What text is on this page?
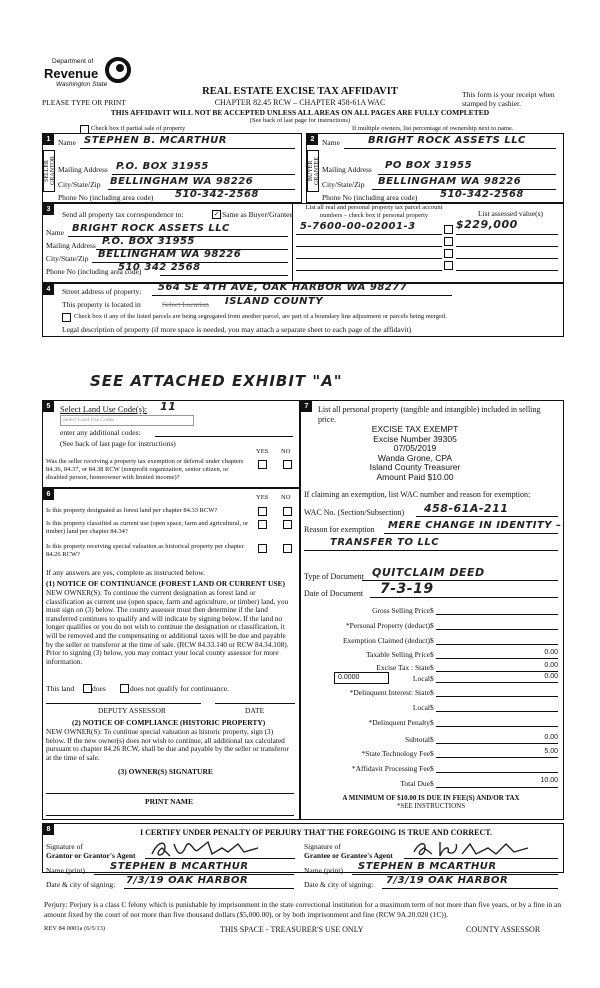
Department of
Revenue
Washington State
REAL ESTATE EXCISE TAX AFFIDAVIT
CHAPTER 82.45 RCW – CHAPTER 458-61A WAC
PLEASE TYPE OR PRINT
This form is your receipt when stamped by cashier.
THIS AFFIDAVIT WILL NOT BE ACCEPTED UNLESS ALL AREAS ON ALL PAGES ARE FULLY COMPLETED
(See back of last page for instructions)
Check box if partial sale of property	If multiple owners, list percentage of ownership next to name.
1	2
SELLER GRANTOR	BUYER GRANTEE
Name STEPHEN B. MCARTHUR
Mailing Address P.O. BOX 31955
City/State/Zip BELLINGHAM WA 98226
Phone No (including area code) 510-342-2568
Name	BRIGHT ROCK ASSETS LLC
Mailing Address PO BOX 31955
City/State/Zip BELLINGHAM WA 98226
Phone No (including area code) 510-342-2568
3
Send all property tax correspondence to:	✓ Same as Buyer/Grantee
Name BRIGHT ROCK ASSETS LLC
Mailing Address P.O. BOX 31955
City/State/Zip BELLINGHAM WA 98226
Phone No (including area code)
510 342 2568
List all real and personal property tax parcel account numbers – check box if personal property	List assessed value(s)
5-7600-00-02001-3	$229,000
4	Street address of property: 564 SE 4TH AVE, OAK HARBOR WA 98277
This property is located in	Select Location ISLAND COUNTY
Check box if any of the listed parcels are being segregated from another parcel, are part of a boundary line adjustment or parcels being merged.
Legal description of property (if more space is needed, you may attach a separate sheet to each page of the affidavit)
SEE ATTACHED EXHIBIT "A"
5	Select Land Use Code(s): 11
Select Land Use Codes
enter any additional codes:
(See back of last page for instructions)
YES NO
Was the seller receiving a property tax exemption or deferral under chapters 84.36, 84.37, or 84.38 RCW (nonprofit organization, senior citizen, or disabled person, homeowner with limited income)?
6	YES NO
Is this property designated as forest land per chapter 84.33 RCW?
Is this property classified as current use (open space, farm and agricultural, or timber) land per chapter 84.34?
Is this property receiving special valuation as historical property per chapter 84.26 RCW?
If any answers are yes, complete as instructed below.
(1) NOTICE OF CONTINUANCE (FOREST LAND OR CURRENT USE)
NEW OWNER(S): To continue the current designation as forest land or classification as current use (open space, farm and agriculture, or timber) land, you must sign on (3) below. The county assessor must then determine if the land transferred continues to qualify and will indicate by signing below. If the land no longer qualifies or you do not wish to continue the designation or classification, it will be removed and the compensating or additional taxes will be due and payable by the seller or transferor at the time of sale. (RCW 84.33.140 or RCW 84.34.108). Prior to signing (3) below, you may contact your local county assessor for more information.
This land does	does not qualify for continuance.
DEPUTY ASSESSOR	DATE
(2) NOTICE OF COMPLIANCE (HISTORIC PROPERTY)
NEW OWNER(S): To continue special valuation as historic property, sign (3) below. If the new owner(s) does not wish to continue, all additional tax calculated pursuant to chapter 84.26 RCW, shall be due and payable by the seller or transferor at the time of sale.
(3) OWNER(S) SIGNATURE
PRINT NAME
7	List all personal property (tangible and intangible) included in selling price.
EXCISE TAX EXEMPT
Excise Number 39305
07/05/2019
Wanda Grone, CPA
Island County Treasurer
Amount Paid $10.00
If claiming an exemption, list WAC number and reason for exemption:
WAC No. (Section/Subsection) 458-61A-211
Reason for exemption MERE CHANGE IN IDENTITY –
TRANSFER TO LLC
Type of Document QUITCLAIM DEED
Date of Document 7-3-19
Gross Selling Price $
*Personal Property (deduct) $
Exemption Claimed (deduct) $
Taxable Selling Price $	0.00
Excise Tax : State $	0.00
0.0000	Local $	0.00
*Delinquent Interest: State $
Local $
*Delinquent Penalty $
Subtotal $	0.00
*State Technology Fee $	5.00
*Affidavit Processing Fee $
Total Due $	10.00
A MINIMUM OF $10.00 IS DUE IN FEE(S) AND/OR TAX
*SEE INSTRUCTIONS
8	I CERTIFY UNDER PENALTY OF PERJURY THAT THE FOREGOING IS TRUE AND CORRECT.
Signature of
Grantor or Grantor's Agent
Signature of
Grantee or Grantee's Agent
Name (print)	STEPHEN B MCARTHUR	Name (print) STEPHEN B MCARTHUR
Date & city of signing: 7/3/19 OAK HARBOR	Date & city of signing: 7/3/19 OAK HARBOR
Perjury: Perjury is a class C felony which is punishable by imprisonment in the state correctional institution for a maximum term of not more than five years, or by a fine in an amount fixed by the court of not more than five thousand dollars ($5,000.00), or by both imprisonment and fine (RCW 9A.20.020 (1C)).
REV 84 0001a (6/5/13)	THIS SPACE - TREASURER'S USE ONLY	COUNTY ASSESSOR
